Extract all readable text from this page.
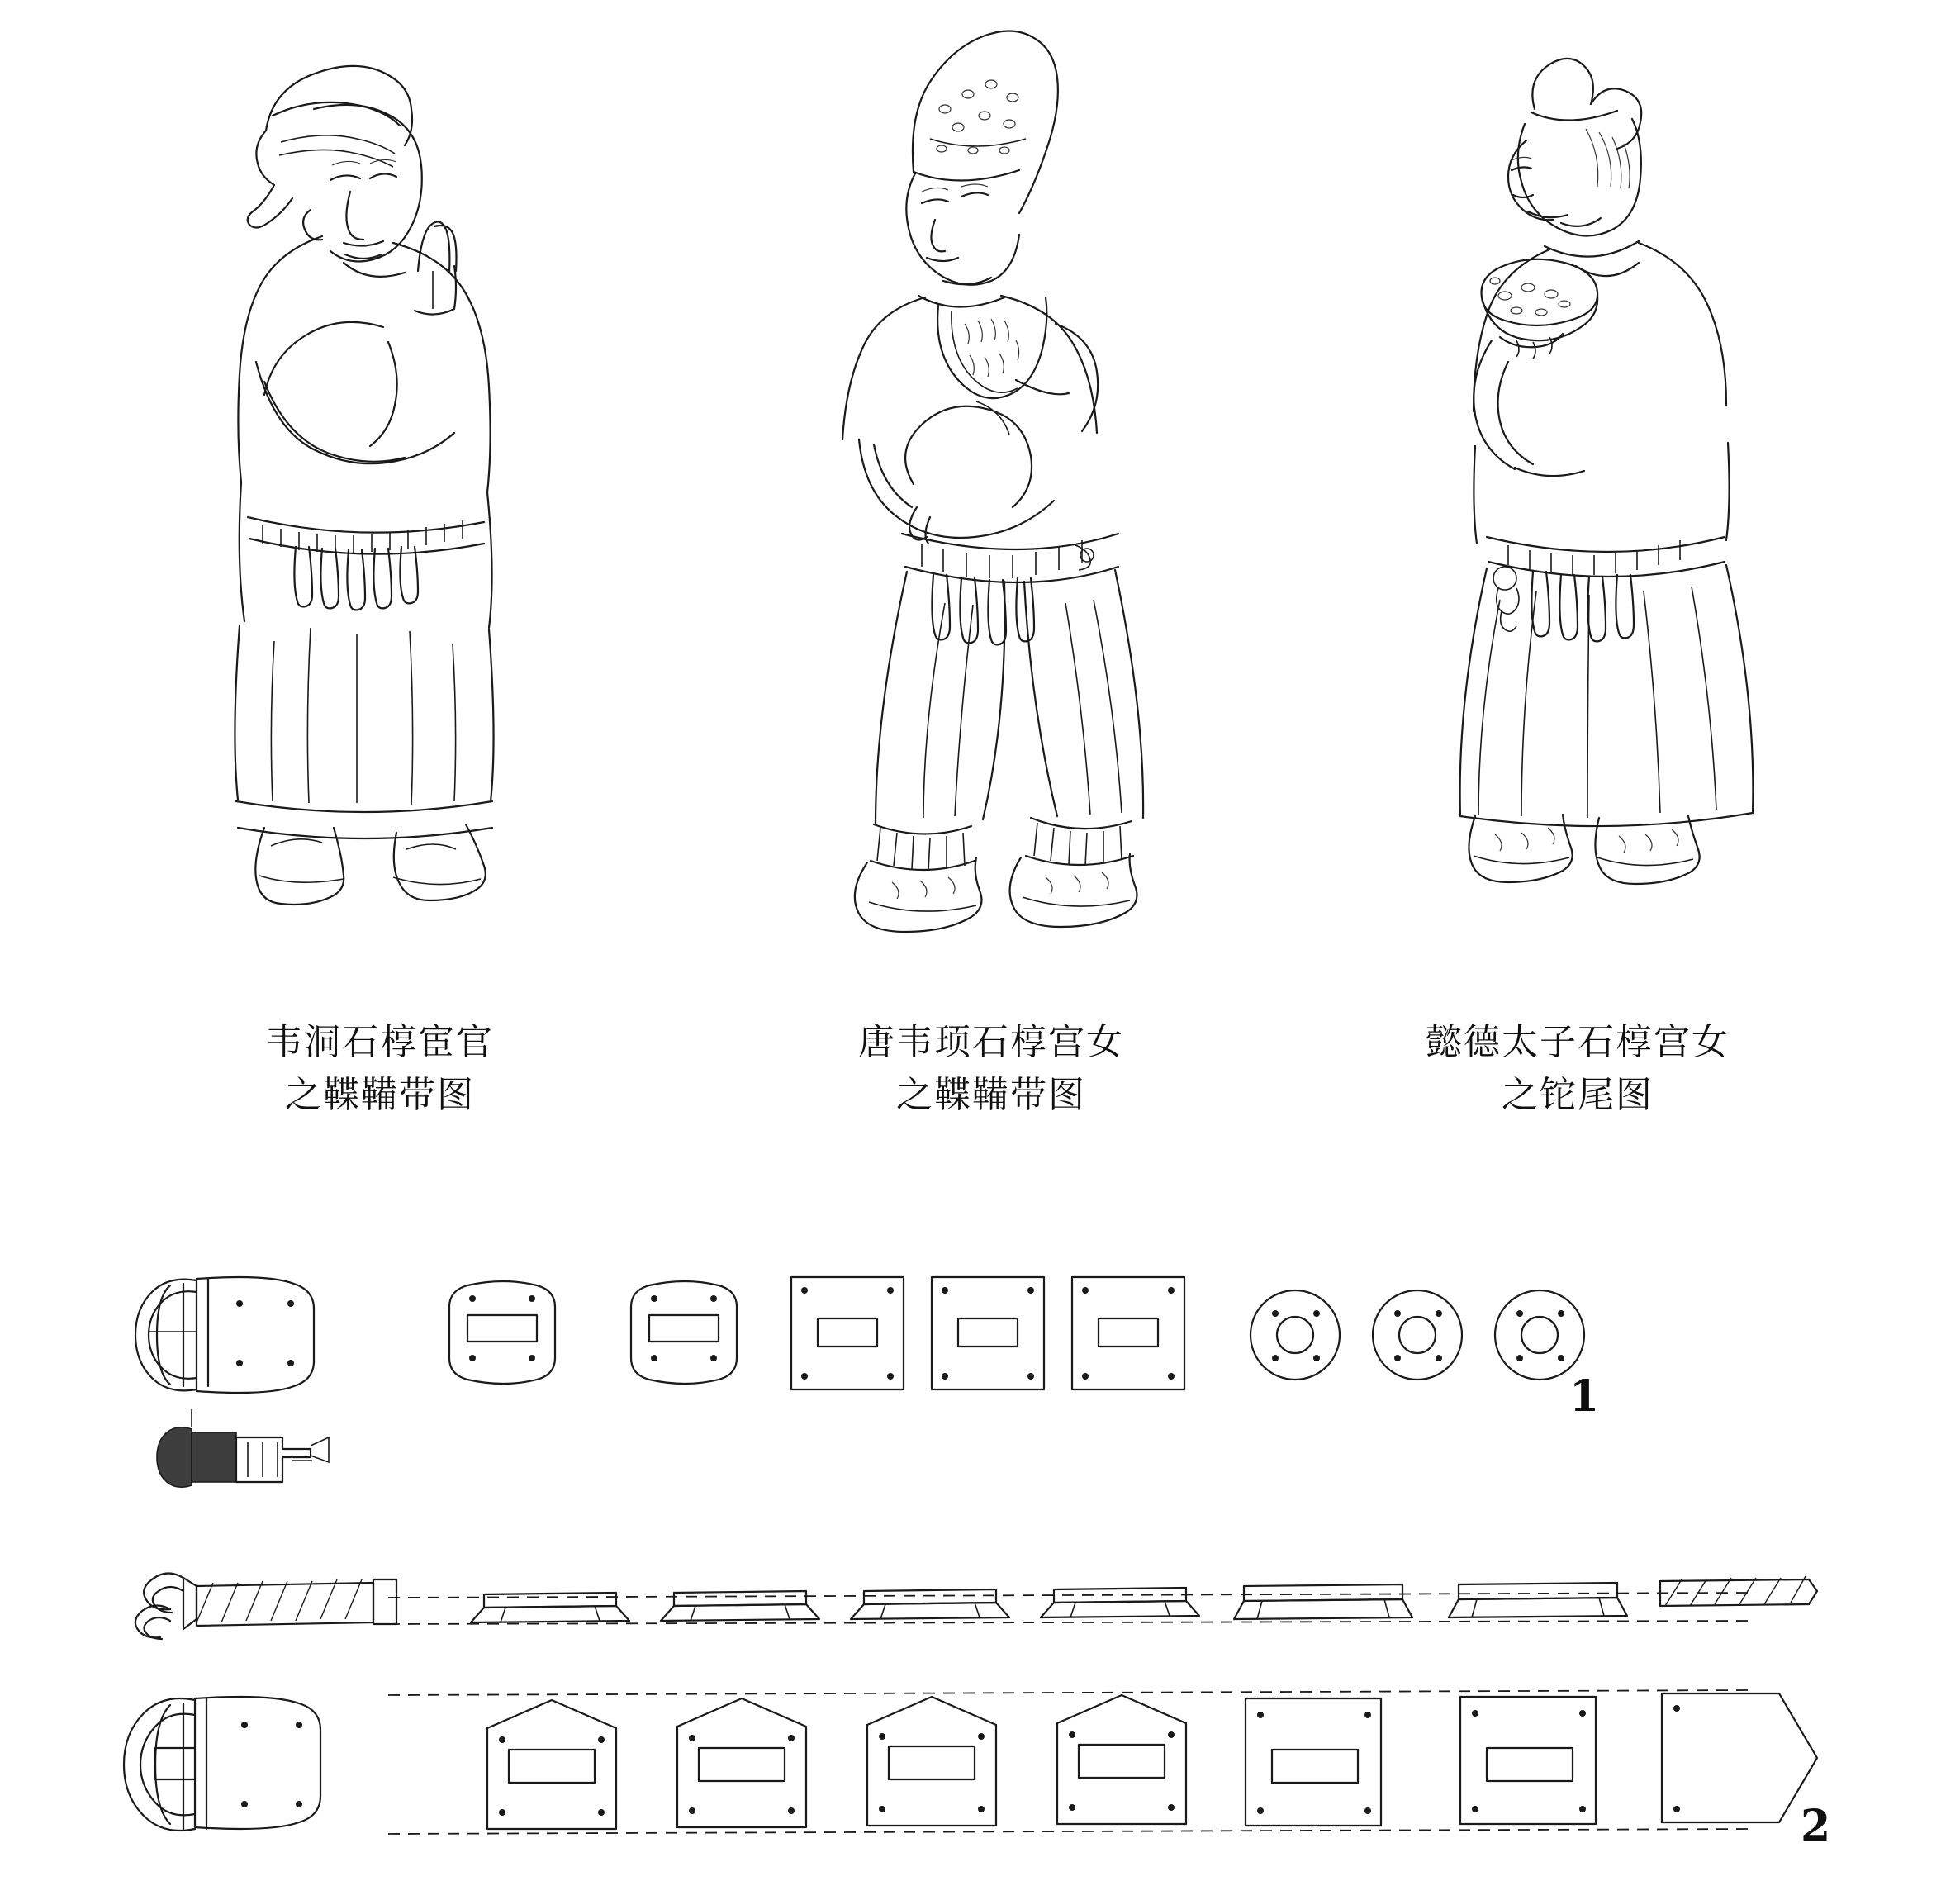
韦洞石椁宦官
之鞢鞴带图
唐韦顼石椁宫女
之鞢鞴带图
懿德太子石椁宫女
之铊尾图
1
2
